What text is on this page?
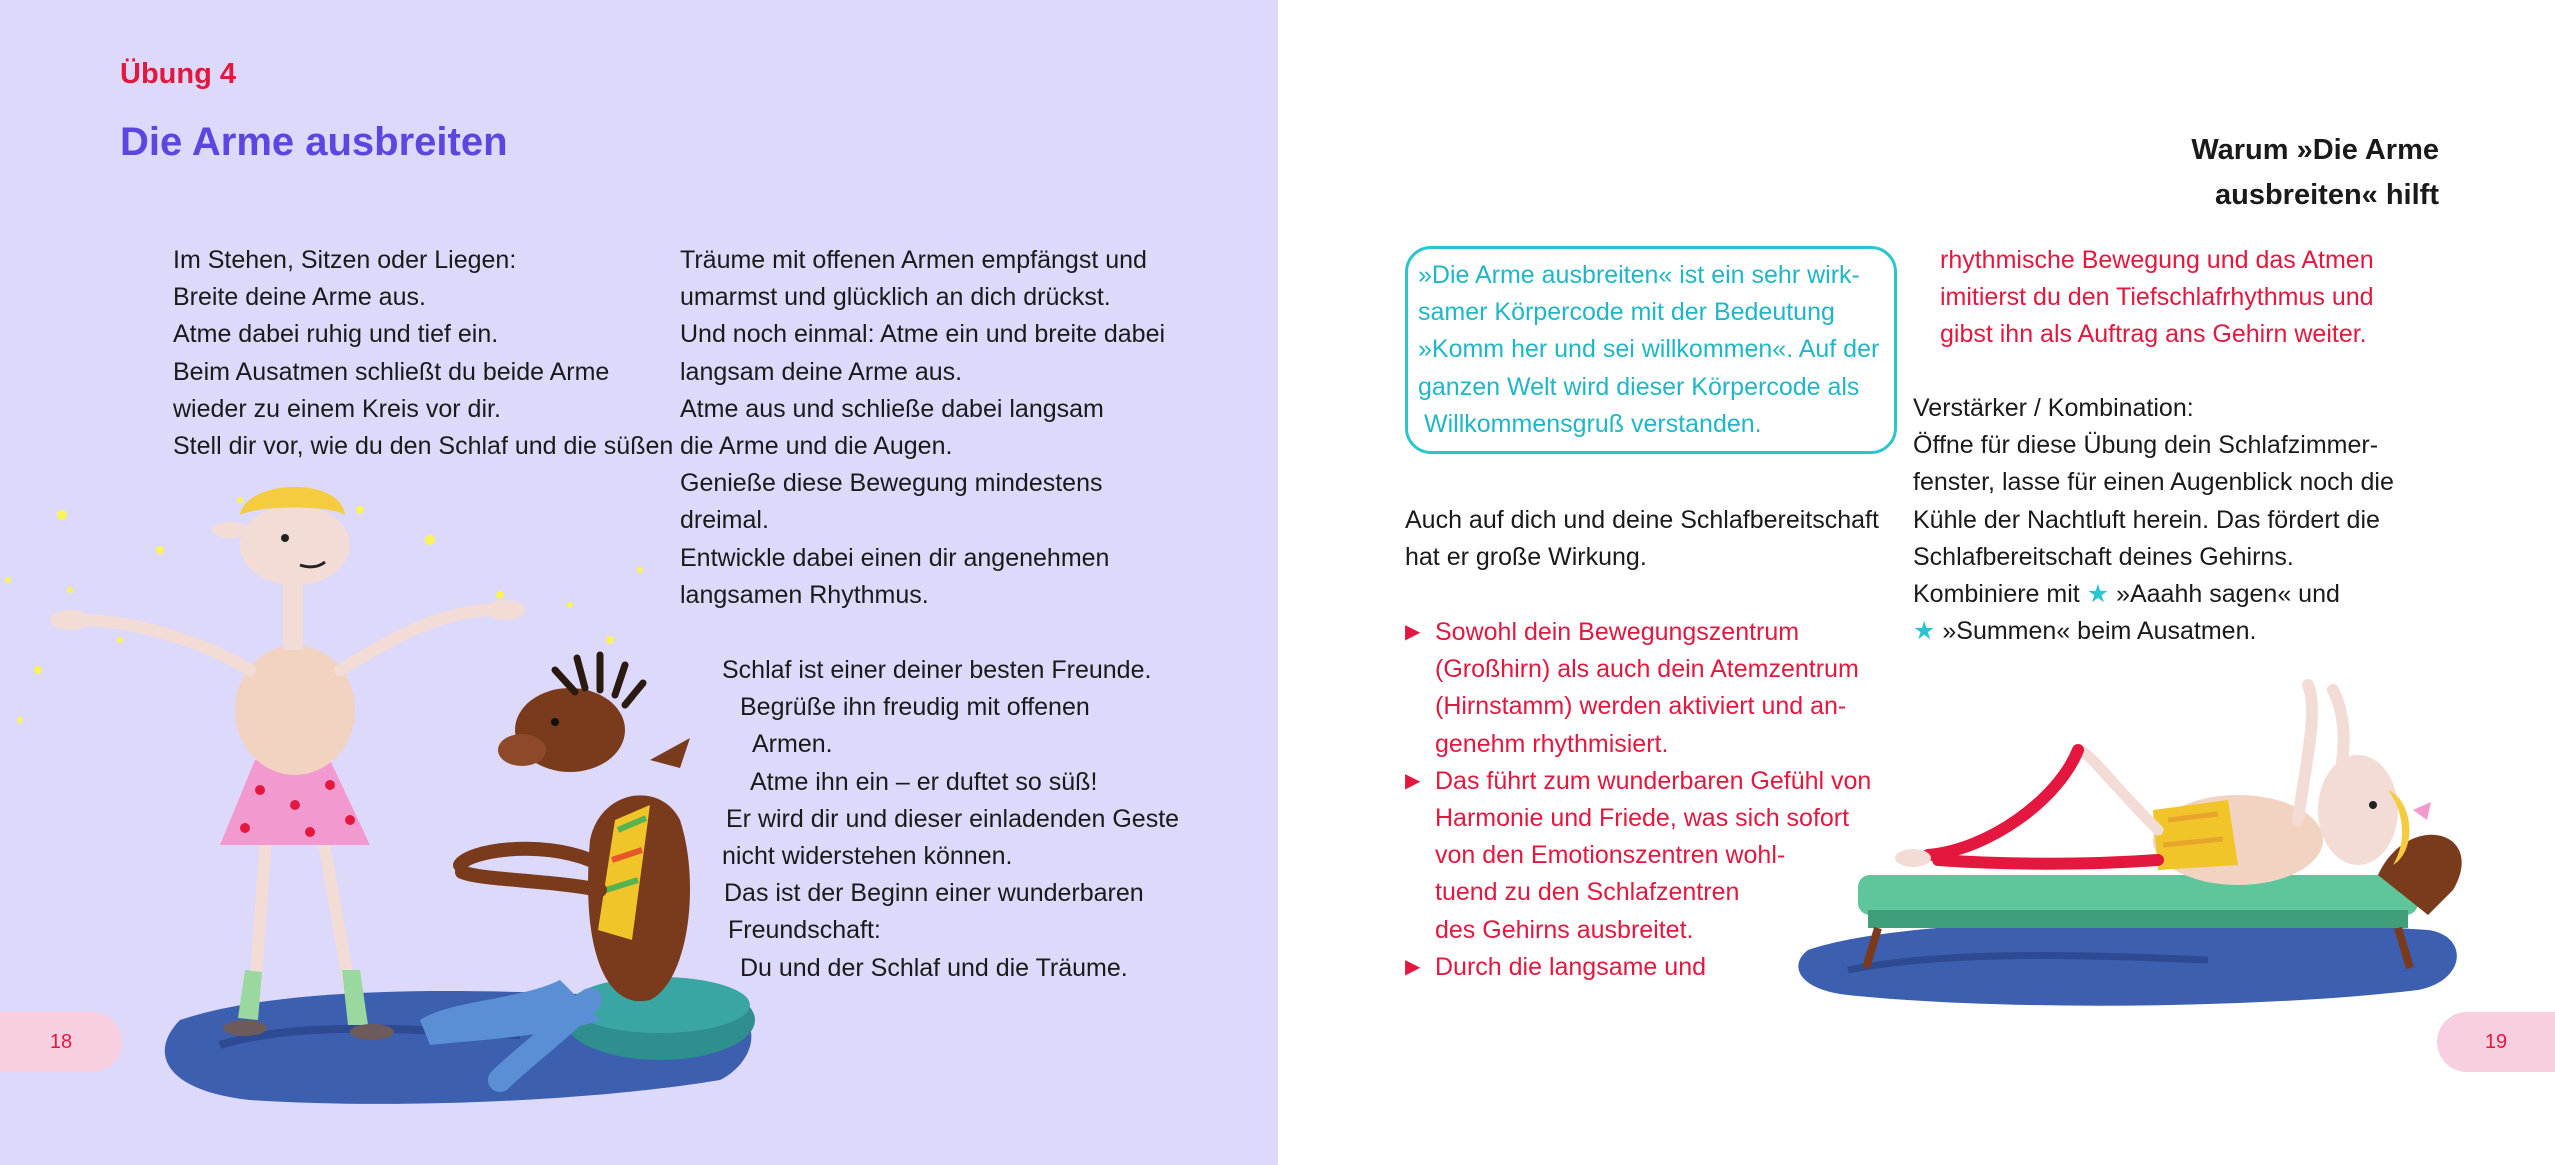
Übung 4
Die Arme ausbreiten
Im Stehen, Sitzen oder Liegen:
Breite deine Arme aus.
Atme dabei ruhig und tief ein.
Beim Ausatmen schließt du beide Arme
wieder zu einem Kreis vor dir.
Stell dir vor, wie du den Schlaf und die süßen
Träume mit offenen Armen empfängst und
umarmst und glücklich an dich drückst.
Und noch einmal: Atme ein und breite dabei
langsam deine Arme aus.
Atme aus und schließe dabei langsam
die Arme und die Augen.
Genieße diese Bewegung mindestens
dreimal.
Entwickle dabei einen dir angenehmen
langsamen Rhythmus.
Schlaf ist einer deiner besten Freunde.
Begrüße ihn freudig mit offenen
Armen.
Atme ihn ein – er duftet so süß!
Er wird dir und dieser einladenden Geste
nicht widerstehen können.
Das ist der Beginn einer wunderbaren
Freundschaft:
Du und der Schlaf und die Träume.
18
Warum »Die Arme
ausbreiten« hilft
»Die Arme ausbreiten« ist ein sehr wirk-
samer Körpercode mit der Bedeutung
»Komm her und sei willkommen«. Auf der
ganzen Welt wird dieser Körpercode als
Willkommensgruß verstanden.
Auch auf dich und deine Schlafbereitschaft
hat er große Wirkung.
▶ Sowohl dein Bewegungszentrum
(Großhirn) als auch dein Atemzentrum
(Hirnstamm) werden aktiviert und an-
genehm rhythmisiert.
▶ Das führt zum wunderbaren Gefühl von
Harmonie und Friede, was sich sofort
von den Emotionszentren wohl-
tuend zu den Schlafzentren
des Gehirns ausbreitet.
▶ Durch die langsame und
rhythmische Bewegung und das Atmen
imitierst du den Tiefschlafrhythmus und
gibst ihn als Auftrag ans Gehirn weiter.
Verstärker / Kombination:
Öffne für diese Übung dein Schlafzimmer-
fenster, lasse für einen Augenblick noch die
Kühle der Nachtluft herein. Das fördert die
Schlafbereitschaft deines Gehirns.
Kombiniere mit ★ »Aaahh sagen« und
★ »Summen« beim Ausatmen.
19
